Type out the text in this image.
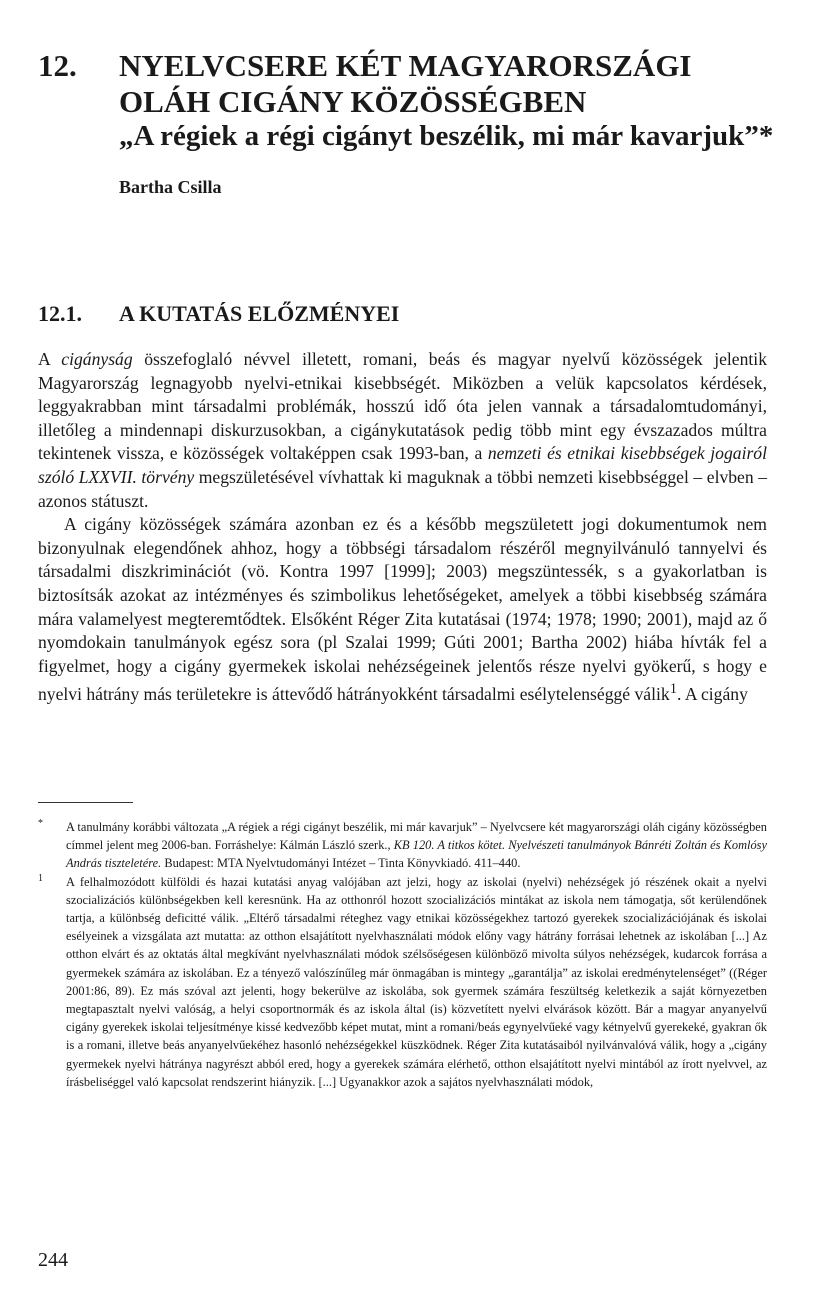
12. NYELVCSERE KÉT MAGYARORSZÁGI
OLÁH CIGÁNY KÖZÖSSÉGBEN
„A régiek a régi cigányt beszélik, mi már kavarjuk”*

Bartha Csilla

12.1. A KUTATÁS ELŐZMÉNYEI

A cigányság összefoglaló névvel illetett, romani, beás és magyar nyelvű közösségek jelentik Magyarország legnagyobb nyelvi-etnikai kisebbségét. Miközben a velük kapcsolatos kérdések, leggyakrabban mint társadalmi problémák, hosszú idő óta jelen vannak a társadalomtudományi, illetőleg a mindennapi diskurzusokban, a cigánykutatások pedig több mint egy évszazados múltra tekintenek vissza, e közösségek voltaképpen csak 1993-ban, a nemzeti és etnikai kisebbségek jogairól szóló LXXVII. törvény megszületésével vívhattak ki maguknak a többi nemzeti kisebbséggel – elvben – azonos státuszt.

A cigány közösségek számára azonban ez és a később megszületett jogi dokumentumok nem bizonyulnak elegendőnek ahhoz, hogy a többségi társadalom részéről megnyilvánuló tannyelvi és társadalmi diszkriminációt (vö. Kontra 1997 [1999]; 2003) megszüntessék, s a gyakorlatban is biztosítsák azokat az intézményes és szimbolikus lehetőségeket, amelyek a többi kisebbség számára mára valamelyest megteremtődtek. Elsőként Réger Zita kutatásai (1974; 1978; 1990; 2001), majd az ő nyomdokain tanulmányok egész sora (pl Szalai 1999; Gúti 2001; Bartha 2002) hiába hívták fel a figyelmet, hogy a cigány gyermekek iskolai nehézségeinek jelentős része nyelvi gyökerű, s hogy e nyelvi hátrány más területekre is áttevődő hátrányokként társadalmi esélytelenséggé válik$^1$. A cigány

* A tanulmány korábbi változata „A régiek a régi cigányt beszélik, mi már kavarjuk” – Nyelvcsere két magyarországi oláh cigány közösségben címmel jelent meg 2006-ban. Forráshelye: Kálmán László szerk., KB 120. A titkos kötet. Nyelvészeti tanulmányok Bánréti Zoltán és Komlósy András tiszteletére. Budapest: MTA Nyelvtudományi Intézet – Tinta Könyvkiadó. 411–440.

1 A felhalmozódott külföldi és hazai kutatási anyag valójában azt jelzi, hogy az iskolai (nyelvi) nehézségek jó részének okait a nyelvi szocializációs különbségekben kell keresnünk. Ha az otthonról hozott szocializációs mintákat az iskola nem támogatja, sőt kerülendőnek tartja, a különbség deficitté válik. „Eltérő társadalmi réteghez vagy etnikai közösségekhez tartozó gyerekek szocializációjának és iskolai esélyeinek a vizsgálata azt mutatta: az otthon elsajátított nyelvhasználati módok előny vagy hátrány forrásai lehetnek az iskolában [...] Az otthon elvárt és az oktatás által megkívánt nyelvhasználati módok szélsőségesen különböző mivolta súlyos nehézségek, kudarcok forrása a gyermekek számára az iskolában. Ez a tényező valószínűleg már önmagában is mintegy „garantálja” az iskolai eredménytelenséget” ((Réger 2001:86, 89). Ez más szóval azt jelenti, hogy bekerülve az iskolába, sok gyermek számára feszültség keletkezik a saját környezetben megtapasztalt nyelvi valóság, a helyi csoportnormák és az iskola által (is) közvetített nyelvi elvárások között. Bár a magyar anyanyelvű cigány gyerekek iskolai teljesítménye kissé kedvezőbb képet mutat, mint a romani/beás egynyelvűeké vagy kétnyelvű gyerekeké, gyakran ők is a romani, illetve beás anyanyelvűekéhez hasonló nehézségekkel küszködnek. Réger Zita kutatásaiból nyilvánvalóvá válik, hogy a „cigány gyermekek nyelvi hátránya nagyrészt abból ered, hogy a gyerekek számára elérhető, otthon elsajátított nyelvi mintából az írott nyelvvel, az írásbeliséggel való kapcsolat rendszerint hiányzik. [...] Ugyanakkor azok a sajátos nyelvhasználati módok,

244
